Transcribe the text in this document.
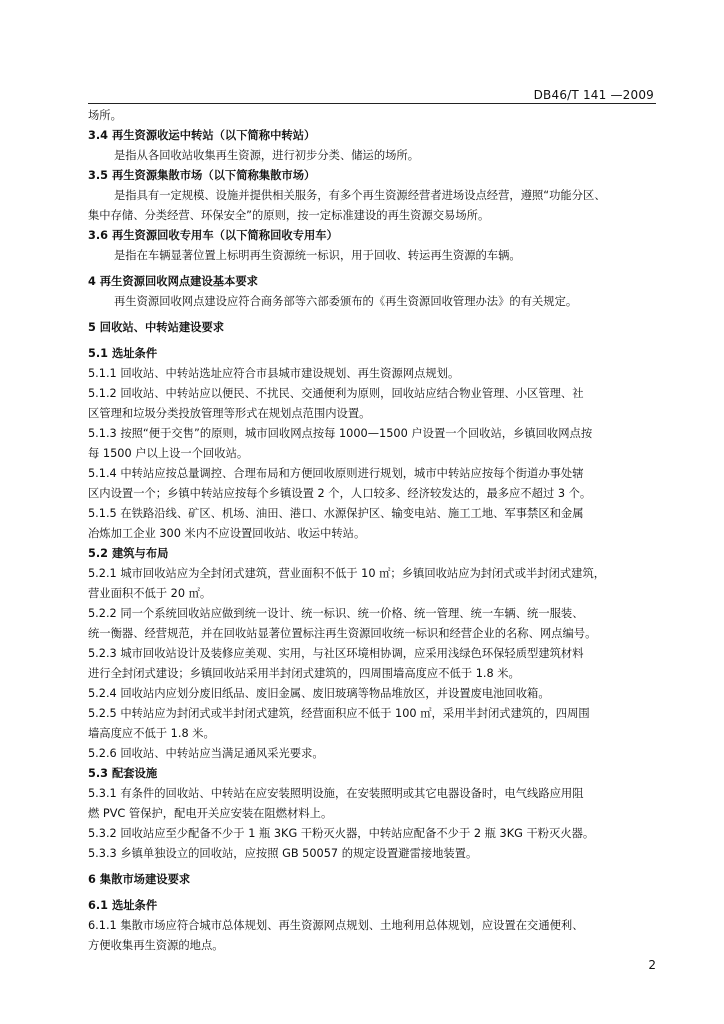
DB46/T 141 —2009
场所。
3.4 再生资源收运中转站（以下简称中转站）
是指从各回收站收集再生资源，进行初步分类、储运的场所。
3.5 再生资源集散市场（以下简称集散市场）
是指具有一定规模、设施并提供相关服务，有多个再生资源经营者进场设点经营，遵照“功能分区、
集中存储、分类经营、环保安全”的原则，按一定标准建设的再生资源交易场所。
3.6 再生资源回收专用车（以下简称回收专用车）
是指在车辆显著位置上标明再生资源统一标识，用于回收、转运再生资源的车辆。
4 再生资源回收网点建设基本要求
再生资源回收网点建设应符合商务部等六部委颁布的《再生资源回收管理办法》的有关规定。
5 回收站、中转站建设要求
5.1 选址条件
5.1.1 回收站、中转站选址应符合市县城市建设规划、再生资源网点规划。
5.1.2 回收站、中转站应以便民、不扰民、交通便利为原则，回收站应结合物业管理、小区管理、社
区管理和垃圾分类投放管理等形式在规划点范围内设置。
5.1.3 按照“便于交售”的原则，城市回收网点按每 1000—1500 户设置一个回收站，乡镇回收网点按
每 1500 户以上设一个回收站。
5.1.4 中转站应按总量调控、合理布局和方便回收原则进行规划，城市中转站应按每个街道办事处辖
区内设置一个；乡镇中转站应按每个乡镇设置 2 个，人口较多、经济较发达的，最多应不超过 3 个。
5.1.5 在铁路沿线、矿区、机场、油田、港口、水源保护区、输变电站、施工工地、军事禁区和金属
冶炼加工企业 300 米内不应设置回收站、收运中转站。
5.2 建筑与布局
5.2.1 城市回收站应为全封闭式建筑，营业面积不低于 10 ㎡；乡镇回收站应为封闭式或半封闭式建筑，
营业面积不低于 20 ㎡。
5.2.2 同一个系统回收站应做到统一设计、统一标识、统一价格、统一管理、统一车辆、统一服装、
统一衡器、经营规范，并在回收站显著位置标注再生资源回收统一标识和经营企业的名称、网点编号。
5.2.3 城市回收站设计及装修应美观、实用，与社区环境相协调，应采用浅绿色环保轻质型建筑材料
进行全封闭式建设；乡镇回收站采用半封闭式建筑的，四周围墙高度应不低于 1.8 米。
5.2.4 回收站内应划分废旧纸品、废旧金属、废旧玻璃等物品堆放区，并设置废电池回收箱。
5.2.5 中转站应为封闭式或半封闭式建筑，经营面积应不低于 100 ㎡，采用半封闭式建筑的，四周围
墙高度应不低于 1.8 米。
5.2.6 回收站、中转站应当满足通风采光要求。
5.3 配套设施
5.3.1 有条件的回收站、中转站在应安装照明设施，在安装照明或其它电器设备时，电气线路应用阻
燃 PVC 管保护，配电开关应安装在阻燃材料上。
5.3.2 回收站应至少配备不少于 1 瓶 3KG 干粉灭火器，中转站应配备不少于 2 瓶 3KG 干粉灭火器。
5.3.3 乡镇单独设立的回收站，应按照 GB 50057 的规定设置避雷接地装置。
6 集散市场建设要求
6.1 选址条件
6.1.1 集散市场应符合城市总体规划、再生资源网点规划、土地利用总体规划，应设置在交通便利、
方便收集再生资源的地点。
2
